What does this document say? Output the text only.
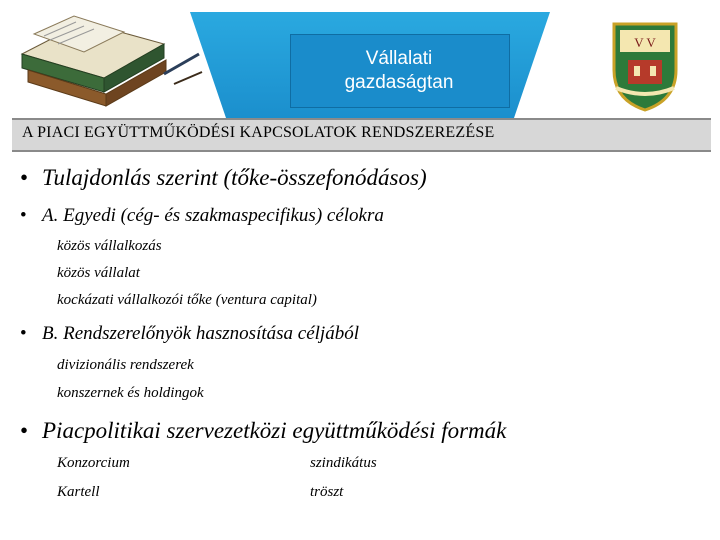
Vállalati
gazdaságtan
V V
A PIACI EGYÜTTMŰKÖDÉSI KAPCSOLATOK RENDSZEREZÉSE
• Tulajdonlás szerint (tőke-összefonódásos)
• A. Egyedi (cég- és szakmaspecifikus) célokra
közös vállalkozás
közös vállalat
kockázati vállalkozói tőke (ventura capital)
• B. Rendszerelőnyök hasznosítása céljából
divizionális rendszerek
konszernek és holdingok
• Piacpolitikai szervezetközi együttműködési formák
Konzorcium
Kartell
szindikátus
tröszt
